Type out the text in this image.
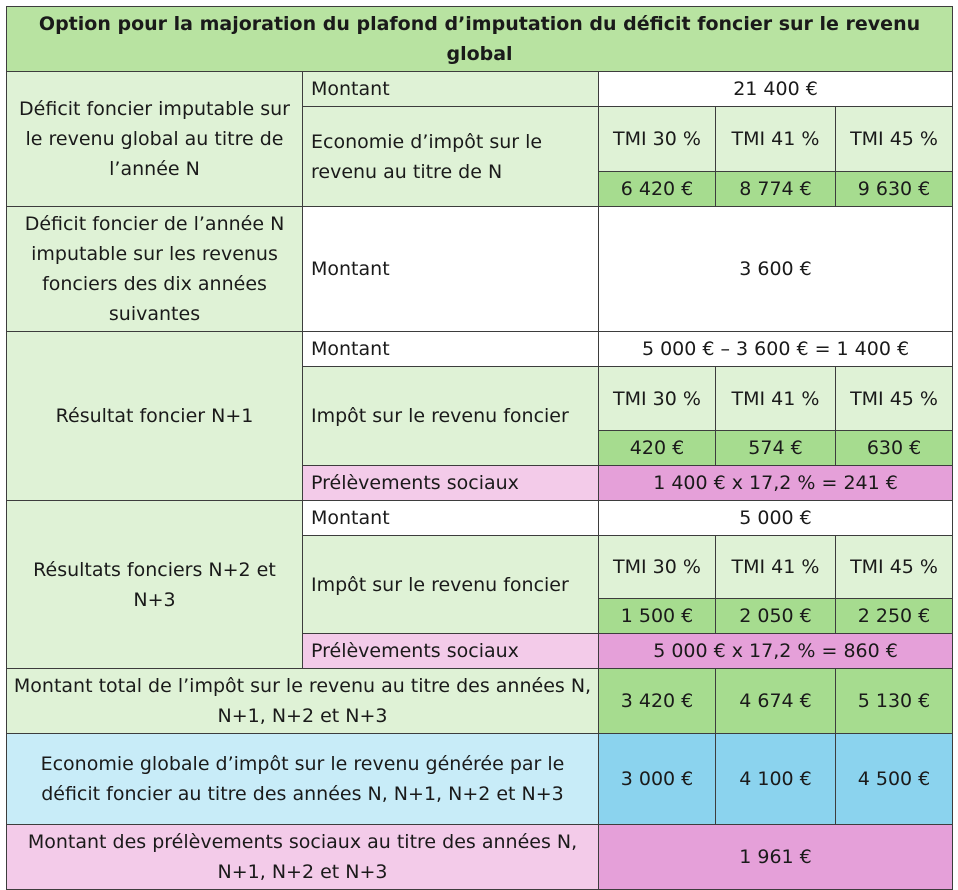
Option pour la majoration du plafond d’imputation du déficit foncier sur le revenu global				
Déficit foncier imputable sur le revenu global au titre de l’année N	Montant	21 400 €		
	Economie d’impôt sur le revenu au titre de N	TMI 30 %	TMI 41 %	TMI 45 %
		6 420 €	8 774 €	9 630 €
Déficit foncier de l’année N imputable sur les revenus fonciers des dix années suivantes	Montant	3 600 €		
Résultat foncier N+1	Montant	5 000 € – 3 600 € = 1 400 €		
	Impôt sur le revenu foncier	TMI 30 %	TMI 41 %	TMI 45 %
		420 €	574 €	630 €
	Prélèvements sociaux	1 400 € x 17,2 % = 241 €		
Résultats fonciers N+2 et N+3	Montant	5 000 €		
	Impôt sur le revenu foncier	TMI 30 %	TMI 41 %	TMI 45 %
		1 500 €	2 050 €	2 250 €
	Prélèvements sociaux	5 000 € x 17,2 % = 860 €		
Montant total de l’impôt sur le revenu au titre des années N, N+1, N+2 et N+3		3 420 €	4 674 €	5 130 €
Economie globale d’impôt sur le revenu générée par le déficit foncier au titre des années N, N+1, N+2 et N+3		3 000 €	4 100 €	4 500 €
Montant des prélèvements sociaux au titre des années N, N+1, N+2 et N+3		1 961 €		
